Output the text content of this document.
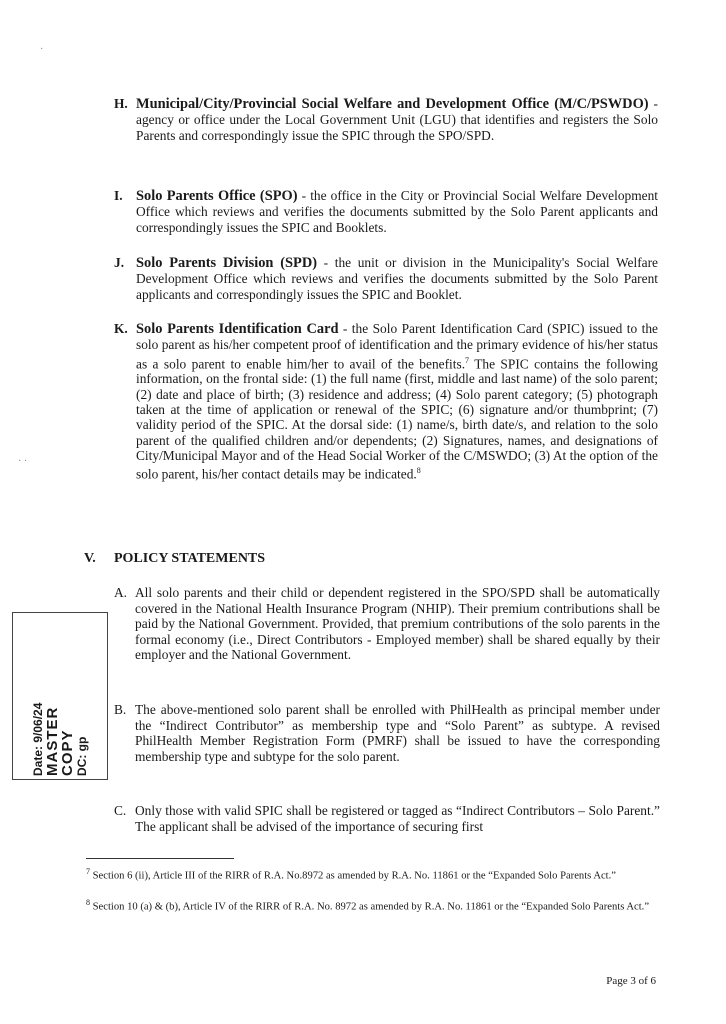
H. Municipal/City/Provincial Social Welfare and Development Office (M/C/PSWDO) - agency or office under the Local Government Unit (LGU) that identifies and registers the Solo Parents and correspondingly issue the SPIC through the SPO/SPD.
I. Solo Parents Office (SPO) - the office in the City or Provincial Social Welfare Development Office which reviews and verifies the documents submitted by the Solo Parent applicants and correspondingly issues the SPIC and Booklets.
J. Solo Parents Division (SPD) - the unit or division in the Municipality's Social Welfare Development Office which reviews and verifies the documents submitted by the Solo Parent applicants and correspondingly issues the SPIC and Booklet.
K. Solo Parents Identification Card - the Solo Parent Identification Card (SPIC) issued to the solo parent as his/her competent proof of identification and the primary evidence of his/her status as a solo parent to enable him/her to avail of the benefits.$^7$ The SPIC contains the following information, on the frontal side: (1) the full name (first, middle and last name) of the solo parent; (2) date and place of birth; (3) residence and address; (4) Solo parent category; (5) photograph taken at the time of application or renewal of the SPIC; (6) signature and/or thumbprint; (7) validity period of the SPIC. At the dorsal side: (1) name/s, birth date/s, and relation to the solo parent of the qualified children and/or dependents; (2) Signatures, names, and designations of City/Municipal Mayor and of the Head Social Worker of the C/MSWDO; (3) At the option of the solo parent, his/her contact details may be indicated.$^8$
V. POLICY STATEMENTS
A. All solo parents and their child or dependent registered in the SPO/SPD shall be automatically covered in the National Health Insurance Program (NHIP). Their premium contributions shall be paid by the National Government. Provided, that premium contributions of the solo parents in the formal economy (i.e., Direct Contributors - Employed member) shall be shared equally by their employer and the National Government.
B. The above-mentioned solo parent shall be enrolled with PhilHealth as principal member under the “Indirect Contributor” as membership type and “Solo Parent” as subtype. A revised PhilHealth Member Registration Form (PMRF) shall be issued to have the corresponding membership type and subtype for the solo parent.
C. Only those with valid SPIC shall be registered or tagged as “Indirect Contributors – Solo Parent.” The applicant shall be advised of the importance of securing first
$^7$ Section 6 (ii), Article III of the RIRR of R.A. No.8972 as amended by R.A. No. 11861 or the “Expanded Solo Parents Act.”
$^8$ Section 10 (a) & (b), Article IV of the RIRR of R.A. No. 8972 as amended by R.A. No. 11861 or the “Expanded Solo Parents Act.”
Page 3 of 6
Date: 9/06/24 MASTER
COPY DC: gp
· ·
·
